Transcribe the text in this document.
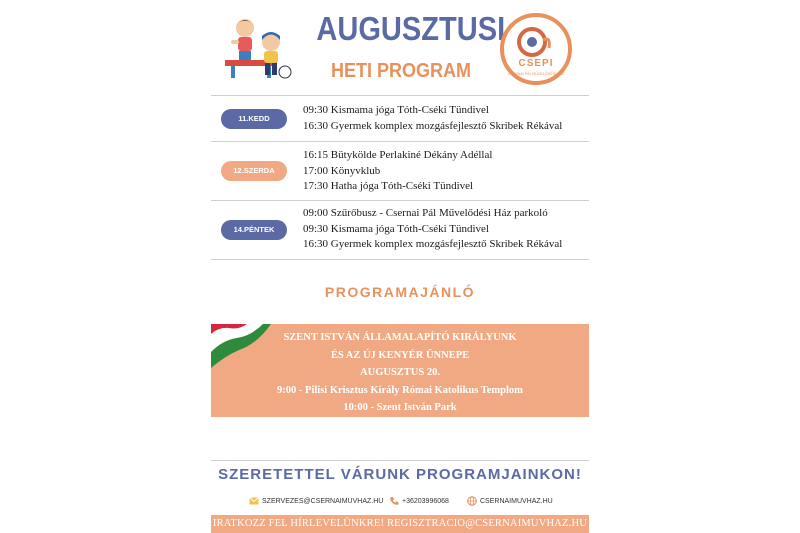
AUGUSZTUSI
HETI PROGRAM	CSEPI
CSERNAI PÁL MŰVELŐDÉSI HÁZ
11.KEDD
09:30 Kismama jóga Tóth-Cséki Tündivel
16:30 Gyermek komplex mozgásfejlesztő Skribek Rékával
12.SZERDA
16:15 Bütykölde Perlakiné Dékány Adéllal
17:00 Könyvklub
17:30 Hatha jóga Tóth-Cséki Tündivel
14.PÉNTEK
09:00 Szűrőbusz - Csernai Pál Művelődési Ház parkoló
09:30 Kismama jóga Tóth-Cséki Tündivel
16:30 Gyermek komplex mozgásfejlesztő Skribek Rékával
PROGRAMAJÁNLÓ
SZENT ISTVÁN ÁLLAMALAPÍTÓ KIRÁLYUNK
ÉS AZ ÚJ KENYÉR ÜNNEPE
AUGUSZTUS 20.
9:00 - Pilisi Krisztus Király Római Katolikus Templom
10:00 - Szent István Park
SZERETETTEL VÁRUNK PROGRAMJAINKON!
SZERVEZES@CSERNAIMUVHAZ.HU	+36203996068	CSERNAIMUVHAZ.HU
IRATKOZZ FEL HÍRLEVELÜNKRE! REGISZTRACIO@CSERNAIMUVHAZ.HU
